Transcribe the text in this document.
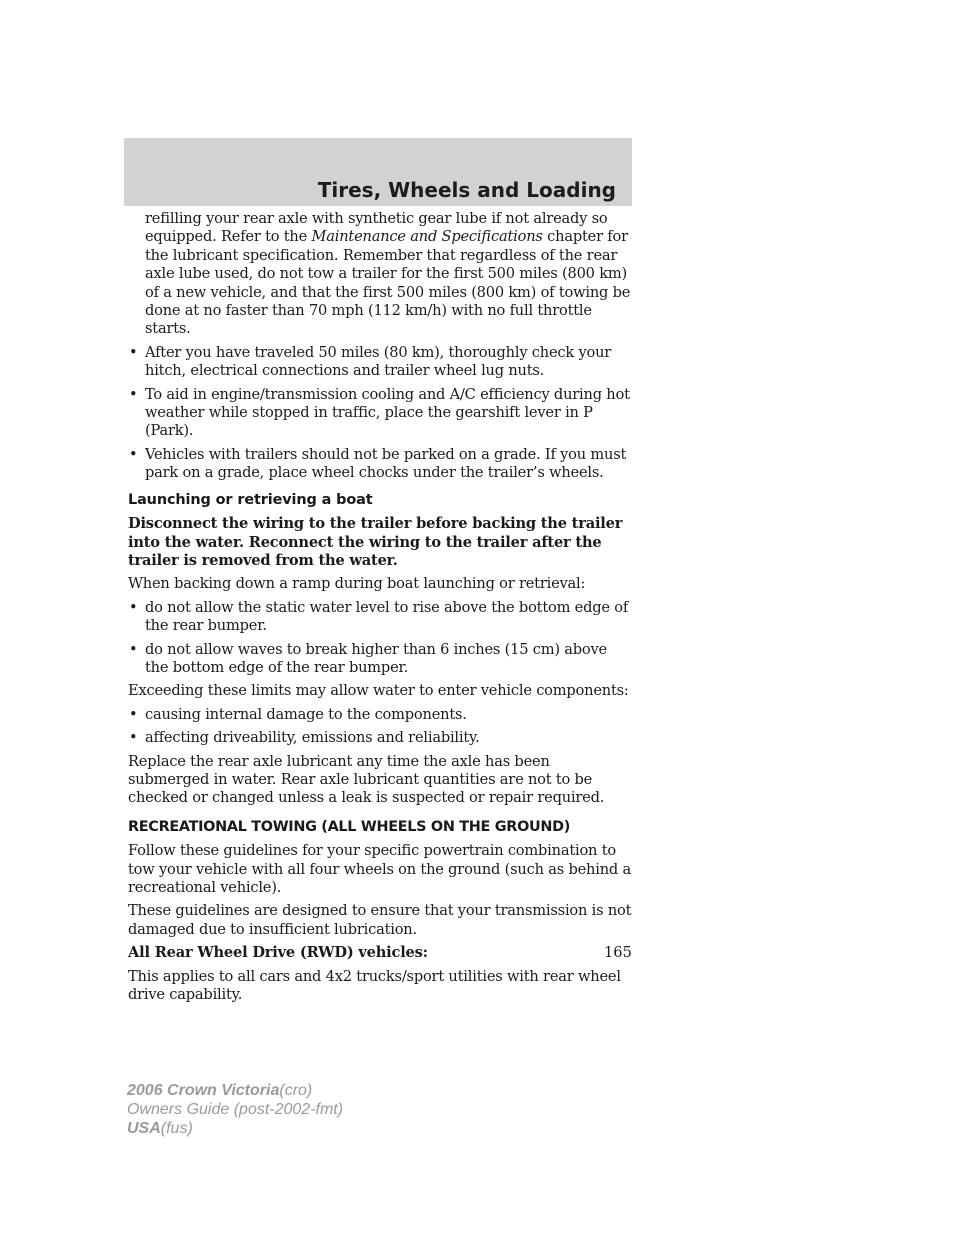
Tires, Wheels and Loading

refilling your rear axle with synthetic gear lube if not already so equipped. Refer to the Maintenance and Specifications chapter for the lubricant specification. Remember that regardless of the rear axle lube used, do not tow a trailer for the first 500 miles (800 km) of a new vehicle, and that the first 500 miles (800 km) of towing be done at no faster than 70 mph (112 km/h) with no full throttle starts.

• After you have traveled 50 miles (80 km), thoroughly check your hitch, electrical connections and trailer wheel lug nuts.
• To aid in engine/transmission cooling and A/C efficiency during hot weather while stopped in traffic, place the gearshift lever in P (Park).
• Vehicles with trailers should not be parked on a grade. If you must park on a grade, place wheel chocks under the trailer’s wheels.
Launching or retrieving a boat

Disconnect the wiring to the trailer before backing the trailer into the water. Reconnect the wiring to the trailer after the trailer is removed from the water.

When backing down a ramp during boat launching or retrieval:

• do not allow the static water level to rise above the bottom edge of the rear bumper.
• do not allow waves to break higher than 6 inches (15 cm) above the bottom edge of the rear bumper.

Exceeding these limits may allow water to enter vehicle components:

• causing internal damage to the components.
• affecting driveability, emissions and reliability.

Replace the rear axle lubricant any time the axle has been submerged in water. Rear axle lubricant quantities are not to be checked or changed unless a leak is suspected or repair required.

RECREATIONAL TOWING (ALL WHEELS ON THE GROUND)

Follow these guidelines for your specific powertrain combination to tow your vehicle with all four wheels on the ground (such as behind a recreational vehicle).

These guidelines are designed to ensure that your transmission is not damaged due to insufficient lubrication.

All Rear Wheel Drive (RWD) vehicles:

This applies to all cars and 4x2 trucks/sport utilities with rear wheel drive capability.

165
2006 Crown Victoria(cro)
Owners Guide (post-2002-fmt)
USA(fus)
